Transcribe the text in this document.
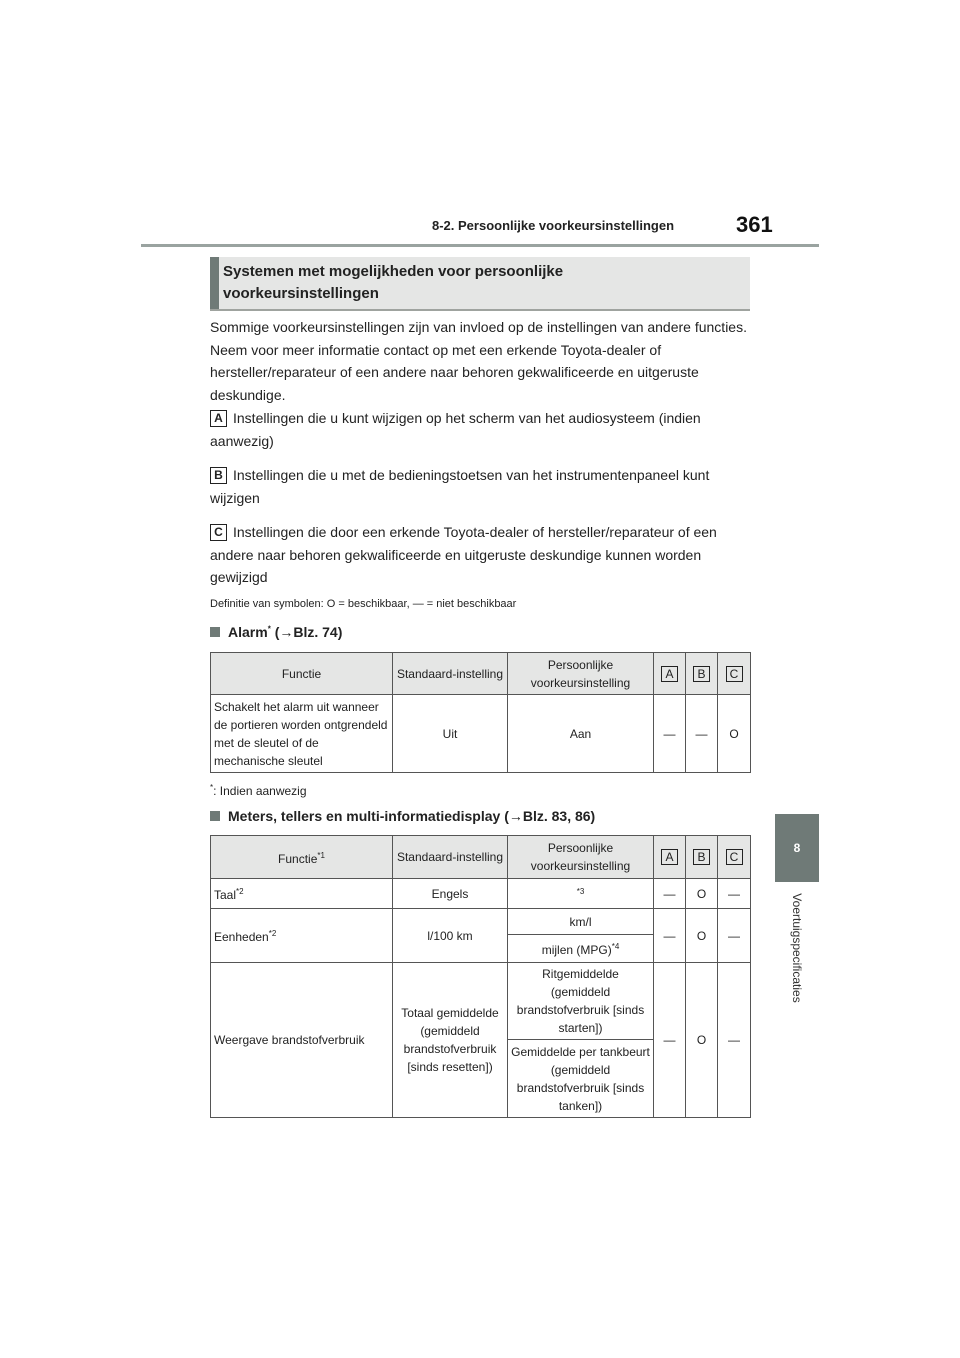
8-2. Persoonlijke voorkeursinstellingen	361
8
Voertuigspecificaties
Systemen met mogelijkheden voor persoonlijke voorkeursinstellingen
Sommige voorkeursinstellingen zijn van invloed op de instellingen van andere functies. Neem voor meer informatie contact op met een erkende Toyota-dealer of hersteller/reparateur of een andere naar behoren gekwalificeerde en uitgeruste deskundige.
A Instellingen die u kunt wijzigen op het scherm van het audiosysteem (indien aanwezig)
B Instellingen die u met de bedieningstoetsen van het instrumentenpaneel kunt wijzigen
C Instellingen die door een erkende Toyota-dealer of hersteller/reparateur of een andere naar behoren gekwalificeerde en uitgeruste deskundige kunnen worden gewijzigd
Definitie van symbolen: O = beschikbaar, — = niet beschikbaar
Alarm* (→Blz. 74)
Functie	Standaard-instelling	Persoonlijke voorkeursinstelling	A	B	C
Schakelt het alarm uit wanneer de portieren worden ontgrendeld met de sleutel of de mechanische sleutel	Uit	Aan	—	—	O
*: Indien aanwezig
Meters, tellers en multi-informatiedisplay (→Blz. 83, 86)
Functie$^{*1}$	Standaard-instelling	Persoonlijke voorkeursinstelling	A	B	C
Taal$^{*2}$	Engels	$^{*3}$	—	O	—
Eenheden$^{*2}$	l/100 km	km/l	—	O	—
		mijlen (MPG)$^{*4}$
Weergave brandstofverbruik	Totaal gemiddelde (gemiddeld brandstofverbruik [sinds resetten])	Ritgemiddelde (gemiddeld brandstofverbruik [sinds starten])	—	O	—
		Gemiddelde per tankbeurt (gemiddeld brandstofverbruik [sinds tanken])			
